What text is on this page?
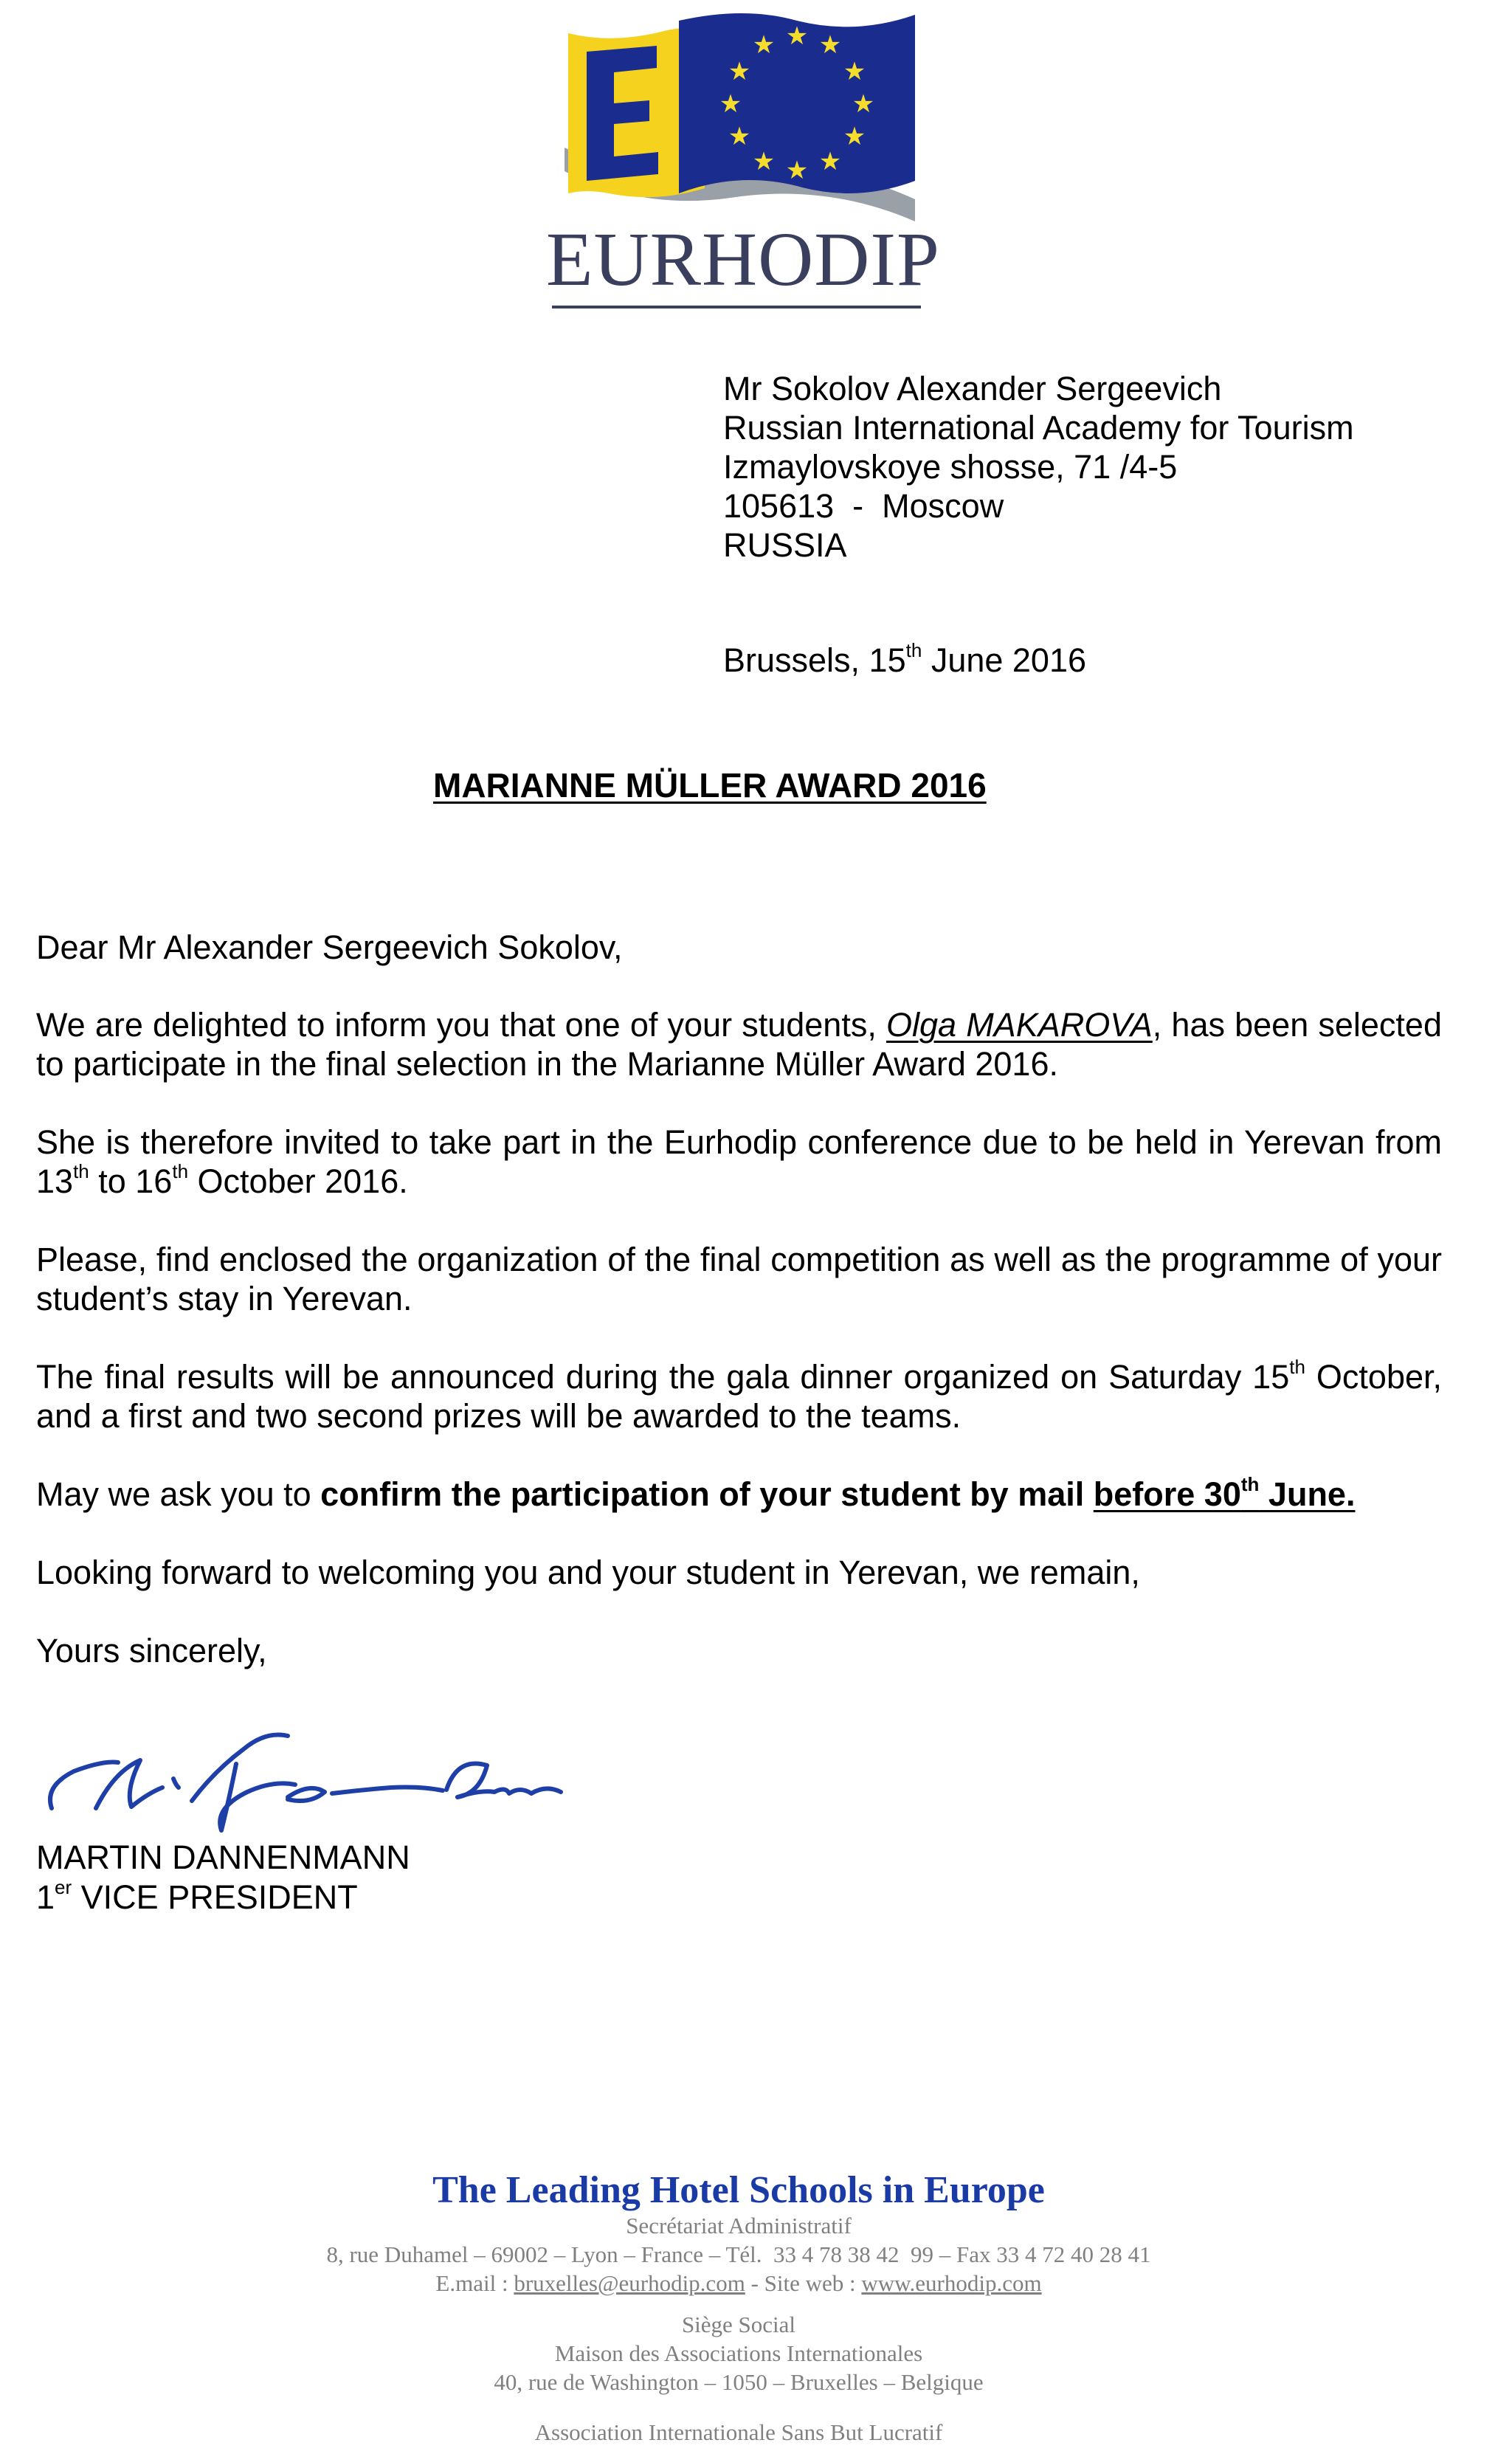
★ ★
★
★
★
★
★
★
★
★
★
★
EURHODIP
Mr Sokolov Alexander Sergeevich
Russian International Academy for Tourism
Izmaylovskoye shosse, 71 /4-5
105613  -  Moscow
RUSSIA
Brussels, 15th June 2016
MARIANNE MÜLLER AWARD 2016
Dear Mr Alexander Sergeevich Sokolov,
We are delighted to inform you that one of your students, Olga MAKAROVA, has been selected to participate in the final selection in the Marianne Müller Award 2016.
She is therefore invited to take part in the Eurhodip conference due to be held in Yerevan from 13th to 16th October 2016.
Please, find enclosed the organization of the final competition as well as the programme of your student’s stay in Yerevan.
The final results will be announced during the gala dinner organized on Saturday 15th October, and a first and two second prizes will be awarded to the teams.
May we ask you to confirm the participation of your student by mail before 30th June.
Looking forward to welcoming you and your student in Yerevan, we remain,
Yours sincerely,
MARTIN DANNENMANN
1er VICE PRESIDENT
The Leading Hotel Schools in Europe
Secrétariat Administratif
8, rue Duhamel – 69002 – Lyon – France – Tél.  33 4 78 38 42  99 – Fax 33 4 72 40 28 41
E.mail : bruxelles@eurhodip.com - Site web : www.eurhodip.com
Siège Social
Maison des Associations Internationales
40, rue de Washington – 1050 – Bruxelles – Belgique
Association Internationale Sans But Lucratif
